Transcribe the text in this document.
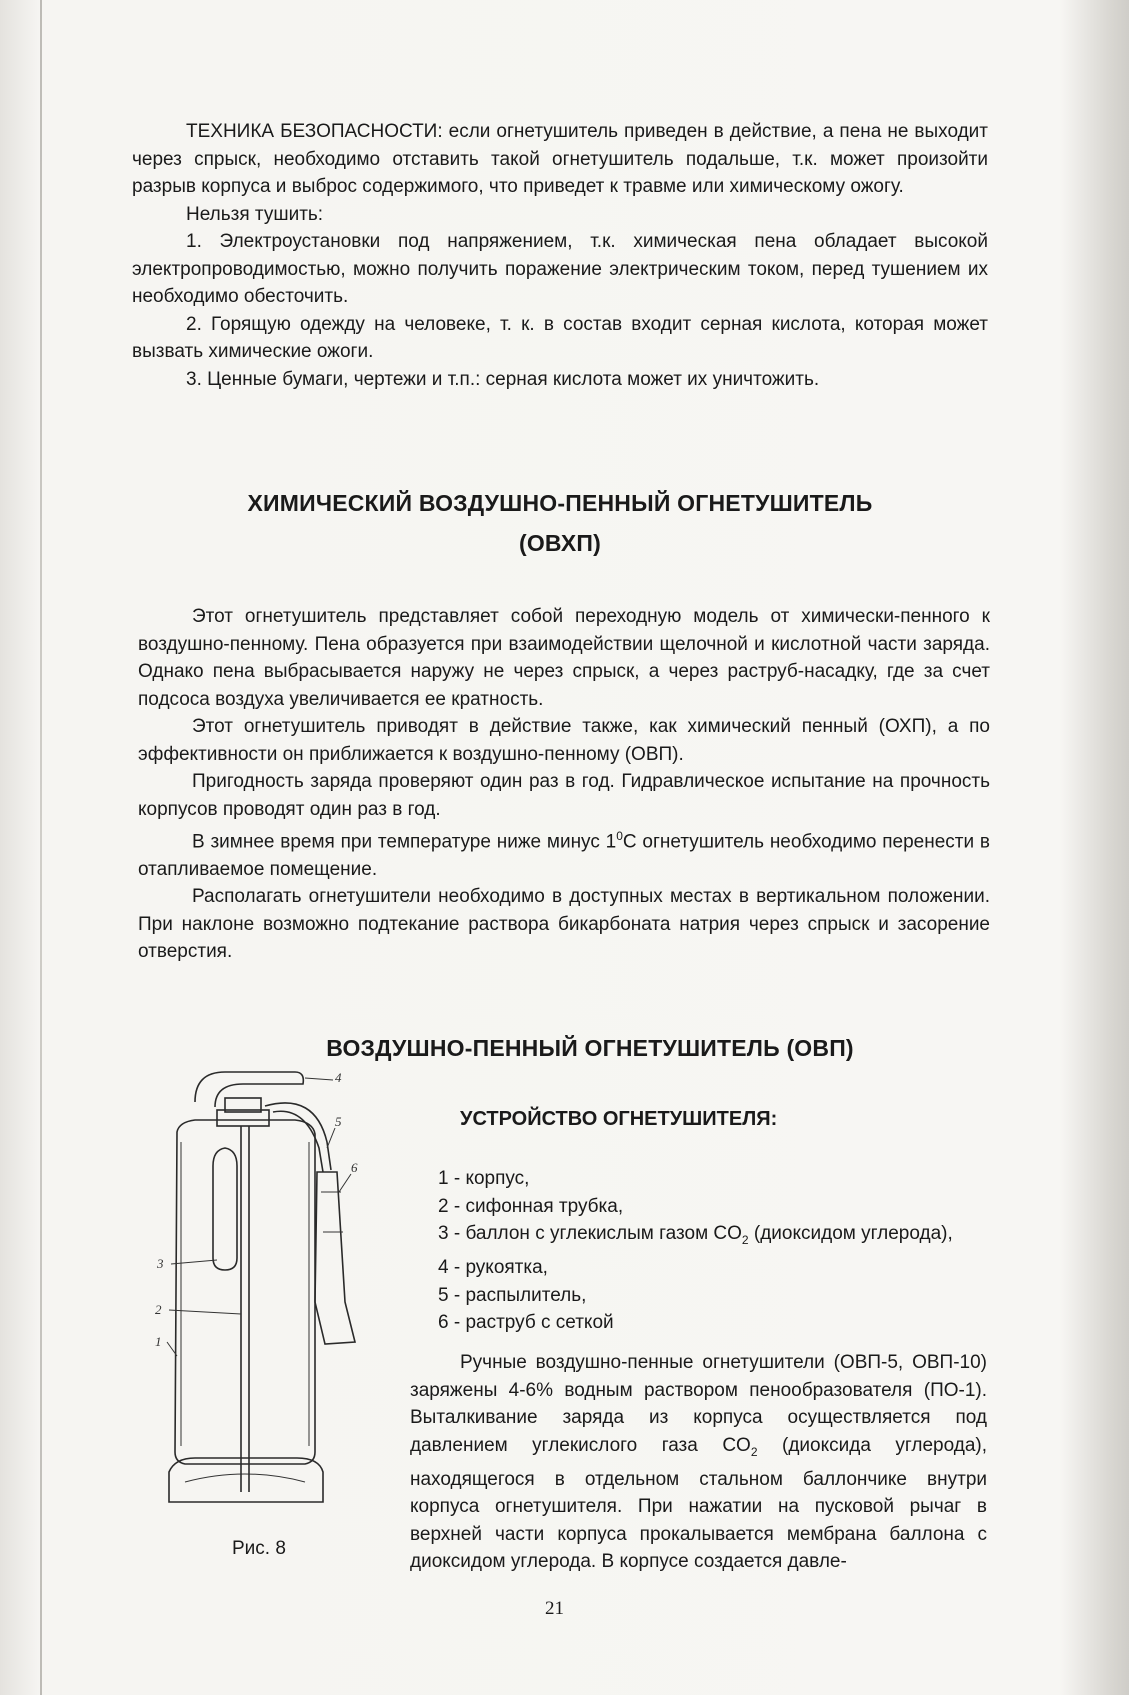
ТЕХНИКА БЕЗОПАСНОСТИ: если огнетушитель приведен в действие, а пена не выходит через спрыск, необходимо отставить такой огнетушитель подальше, т.к. может произойти разрыв корпуса и выброс содержимого, что приведет к травме или химическому ожогу.

Нельзя тушить:

1. Электроустановки под напряжением, т.к. химическая пена обладает высокой электропроводимостью, можно получить поражение электрическим током, перед тушением их необходимо обесточить.

2. Горящую одежду на человеке, т. к. в состав входит серная кислота, которая может вызвать химические ожоги.

3. Ценные бумаги, чертежи и т.п.: серная кислота может их уничтожить.

ХИМИЧЕСКИЙ ВОЗДУШНО-ПЕННЫЙ ОГНЕТУШИТЕЛЬ
(ОВХП)

Этот огнетушитель представляет собой переходную модель от химически-пенного к воздушно-пенному. Пена образуется при взаимодействии щелочной и кислотной части заряда. Однако пена выбрасывается наружу не через спрыск, а через раструб-насадку, где за счет подсоса воздуха увеличивается ее кратность.

Этот огнетушитель приводят в действие также, как химический пенный (ОХП), а по эффективности он приближается к воздушно-пенному (ОВП).

Пригодность заряда проверяют один раз в год. Гидравлическое испытание на прочность корпусов проводят один раз в год.

В зимнее время при температуре ниже минус $1^0С$ огнетушитель необходимо перенести в отапливаемое помещение.

Располагать огнетушители необходимо в доступных местах в вертикальном положении. При наклоне возможно подтекание раствора бикарбоната натрия через спрыск и засорение отверстия.

ВОЗДУШНО-ПЕННЫЙ ОГНЕТУШИТЕЛЬ (ОВП)
4
5
6
3
2
1
Рис. 8
УСТРОЙСТВО ОГНЕТУШИТЕЛЯ:
1 - корпус,
2 - сифонная трубка,
3 - баллон с углекислым газом $CO_2$ (диоксидом углерода),
4 - рукоятка,
5 - распылитель,
6 - раструб с сеткой

Ручные воздушно-пенные огнетушители (ОВП-5, ОВП-10) заряжены 4-6% водным раствором пенообразователя (ПО-1). Выталкивание заряда из корпуса осуществляется под давлением углекислого газа $CO_2$ (диоксида углерода), находящегося в отдельном стальном баллончике внутри корпуса огнетушителя. При нажатии на пусковой рычаг в верхней части корпуса прокалывается мембрана баллона с диоксидом углерода. В корпусе создается давле-

21
